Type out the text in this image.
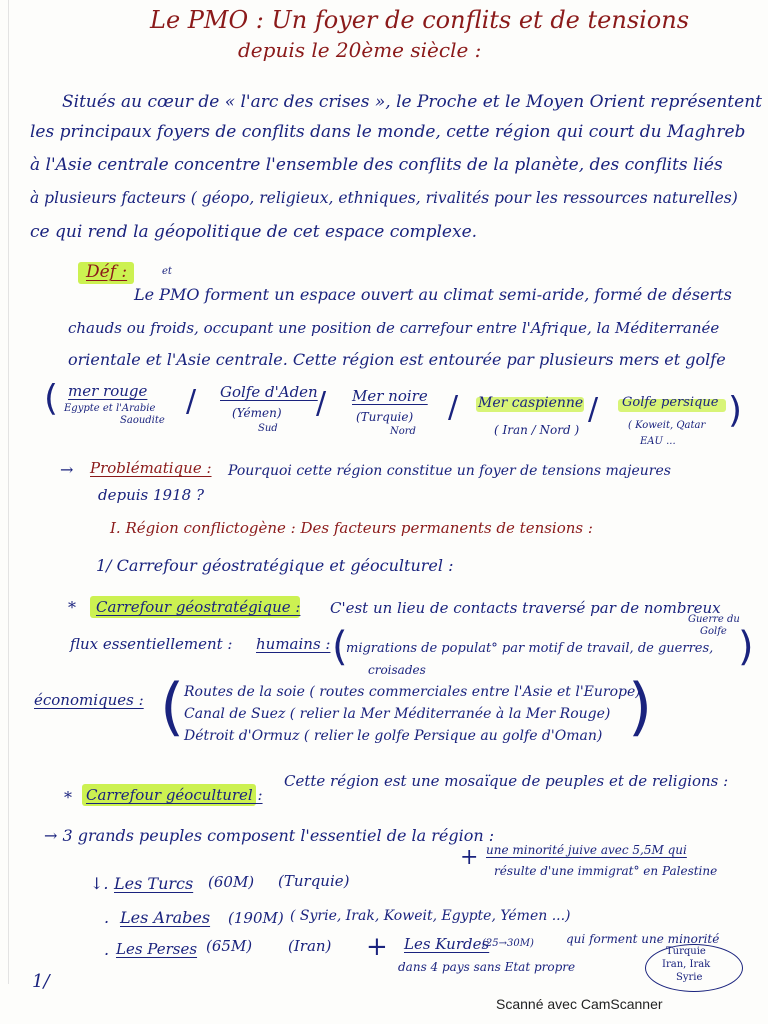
Le PMO : Un foyer de conflits et de tensions
depuis le 20ème siècle :
Situés au cœur de « l'arc des crises », le Proche et le Moyen Orient représentent
les principaux foyers de conflits dans le monde, cette région qui court du Maghreb
à l'Asie centrale concentre l'ensemble des conflits de la planète, des conflits liés
à plusieurs facteurs ( géopo, religieux, ethniques, rivalités pour les ressources naturelles)
ce qui rend la géopolitique de cet espace complexe.
Déf :	et
Le PMO forment un espace ouvert au climat semi-aride, formé de déserts
chauds ou froids, occupant une position de carrefour entre l'Afrique, la Méditerranée
orientale et l'Asie centrale. Cette région est entourée par plusieurs mers et golfe
( mer rouge
Egypte et l'Arabie
Saoudite
/ Golfe d'Aden
(Yémen)
Sud
/ Mer noire
(Turquie)
Nord
/ Mer caspienne
( Iran / Nord )
/ Golfe persique
( Koweit, Qatar
EAU ...
)
→ Problématique : Pourquoi cette région constitue un foyer de tensions majeures
depuis 1918 ?
I. Région conflictogène : Des facteurs permanents de tensions :
1/ Carrefour géostratégique et géoculturel :
* Carrefour géostratégique : C'est un lieu de contacts traversé par de nombreux
flux essentiellement : humains : (
migrations de populat° par motif de travail, de guerres,
Guerre du
Golfe )
croisades
économiques : ( Routes de la soie ( routes commerciales entre l'Asie et l'Europe)
Canal de Suez ( relier la Mer Méditerranée à la Mer Rouge)
Détroit d'Ormuz ( relier le golfe Persique au golfe d'Oman) )
* Carrefour géoculturel :
Cette région est une mosaïque de peuples et de religions :
→ 3 grands peuples composent l'essentiel de la région :
+ une minorité juive avec 5,5M qui
résulte d'une immigrat° en Palestine
↓. Les Turcs (60M) (Turquie)
. Les Arabes (190M) ( Syrie, Irak, Koweit, Egypte, Yémen ...)
. Les Perses (65M) (Iran) + Les Kurdes
(25→30M)	qui forment une minorité
dans 4 pays sans Etat propre
Turquie
Iran, Irak
Syrie
1/
Scanné avec CamScanner
